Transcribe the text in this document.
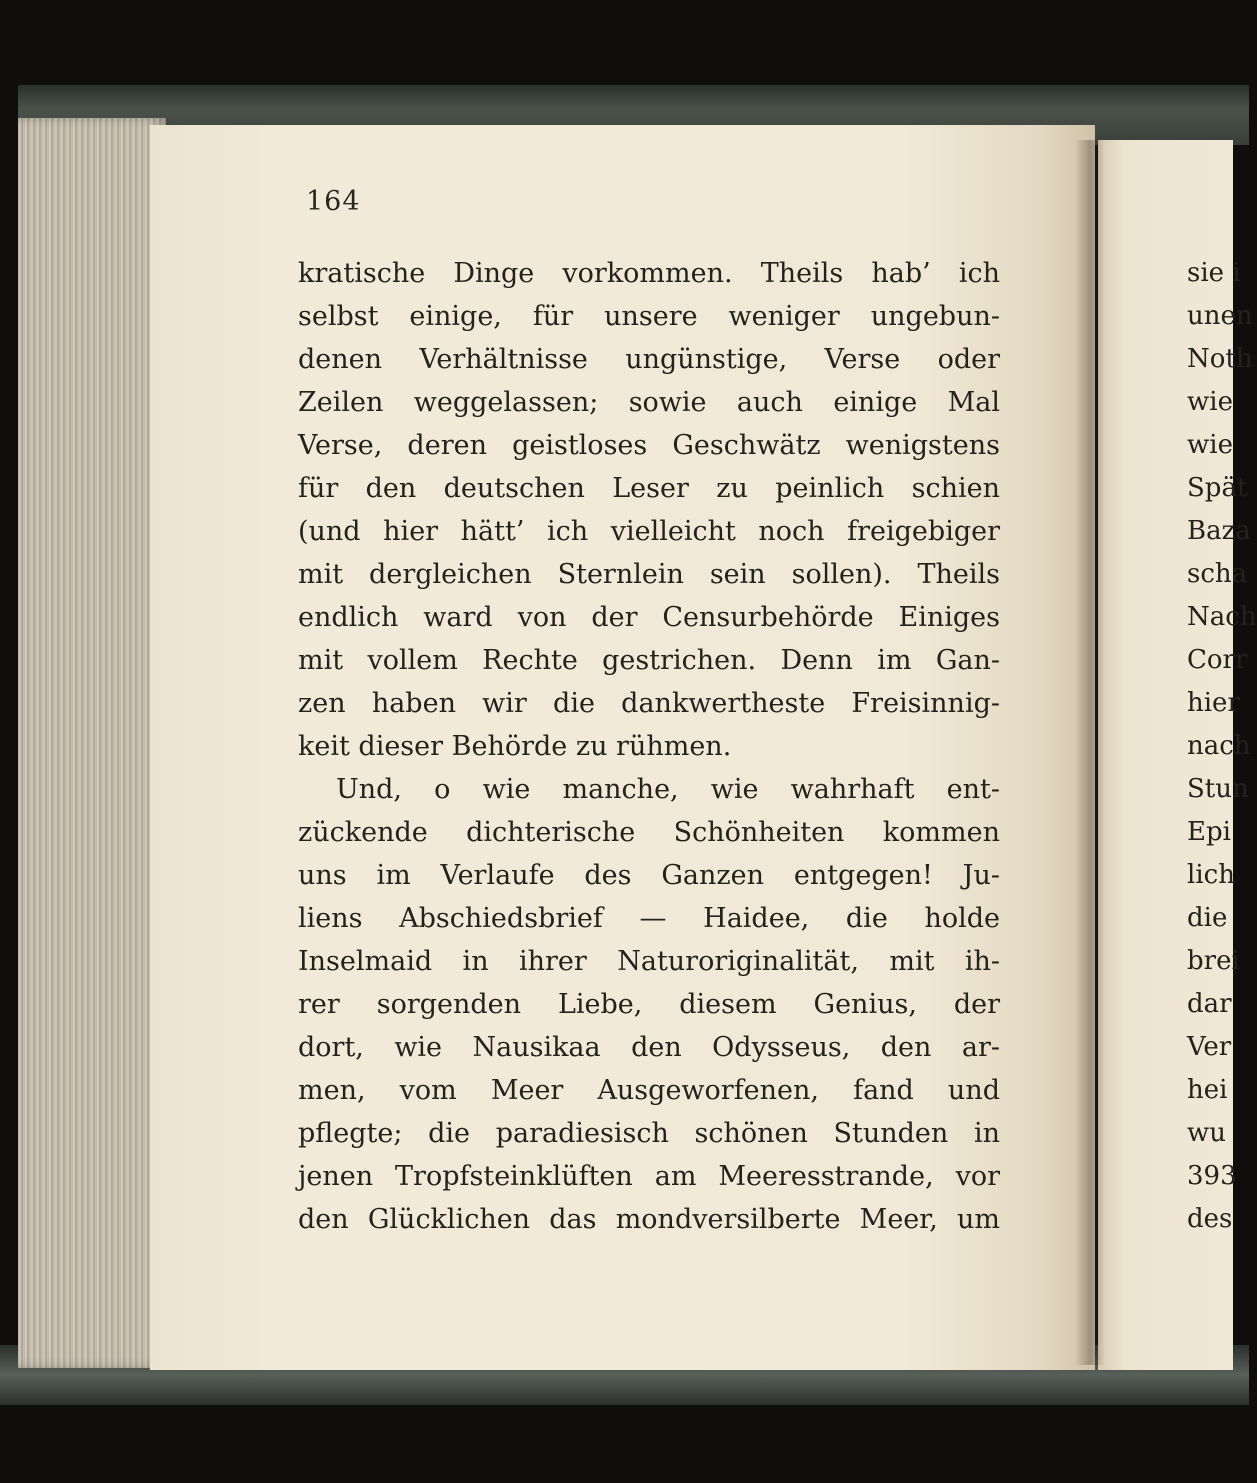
164
kratische Dinge vorkommen. Theils hab’ ich
selbst einige, für unsere weniger ungebun-
denen Verhältnisse ungünstige, Verse oder
Zeilen weggelassen; sowie auch einige Mal
Verse, deren geistloses Geschwätz wenigstens
für den deutschen Leser zu peinlich schien
(und hier hätt’ ich vielleicht noch freigebiger
mit dergleichen Sternlein sein sollen). Theils
endlich ward von der Censurbehörde Einiges
mit vollem Rechte gestrichen. Denn im Gan-
zen haben wir die dankwertheste Freisinnig-
keit dieser Behörde zu rühmen.
Und, o wie manche, wie wahrhaft ent-
zückende dichterische Schönheiten kommen
uns im Verlaufe des Ganzen entgegen! Ju-
liens Abschiedsbrief — Haidee, die holde
Inselmaid in ihrer Naturoriginalität, mit ih-
rer sorgenden Liebe, diesem Genius, der
dort, wie Nausikaa den Odysseus, den ar-
men, vom Meer Ausgeworfenen, fand und
pflegte; die paradiesisch schönen Stunden in
jenen Tropfsteinklüften am Meeresstrande, vor
den Glücklichen das mondversilberte Meer, um
sie i
unen
Noth
wie
wie
Spät
Baza
scha
Nach
Corr
hier
nach
Stun
Epi
lich
die
brei
dar
Ver
hei
wu
393
des
